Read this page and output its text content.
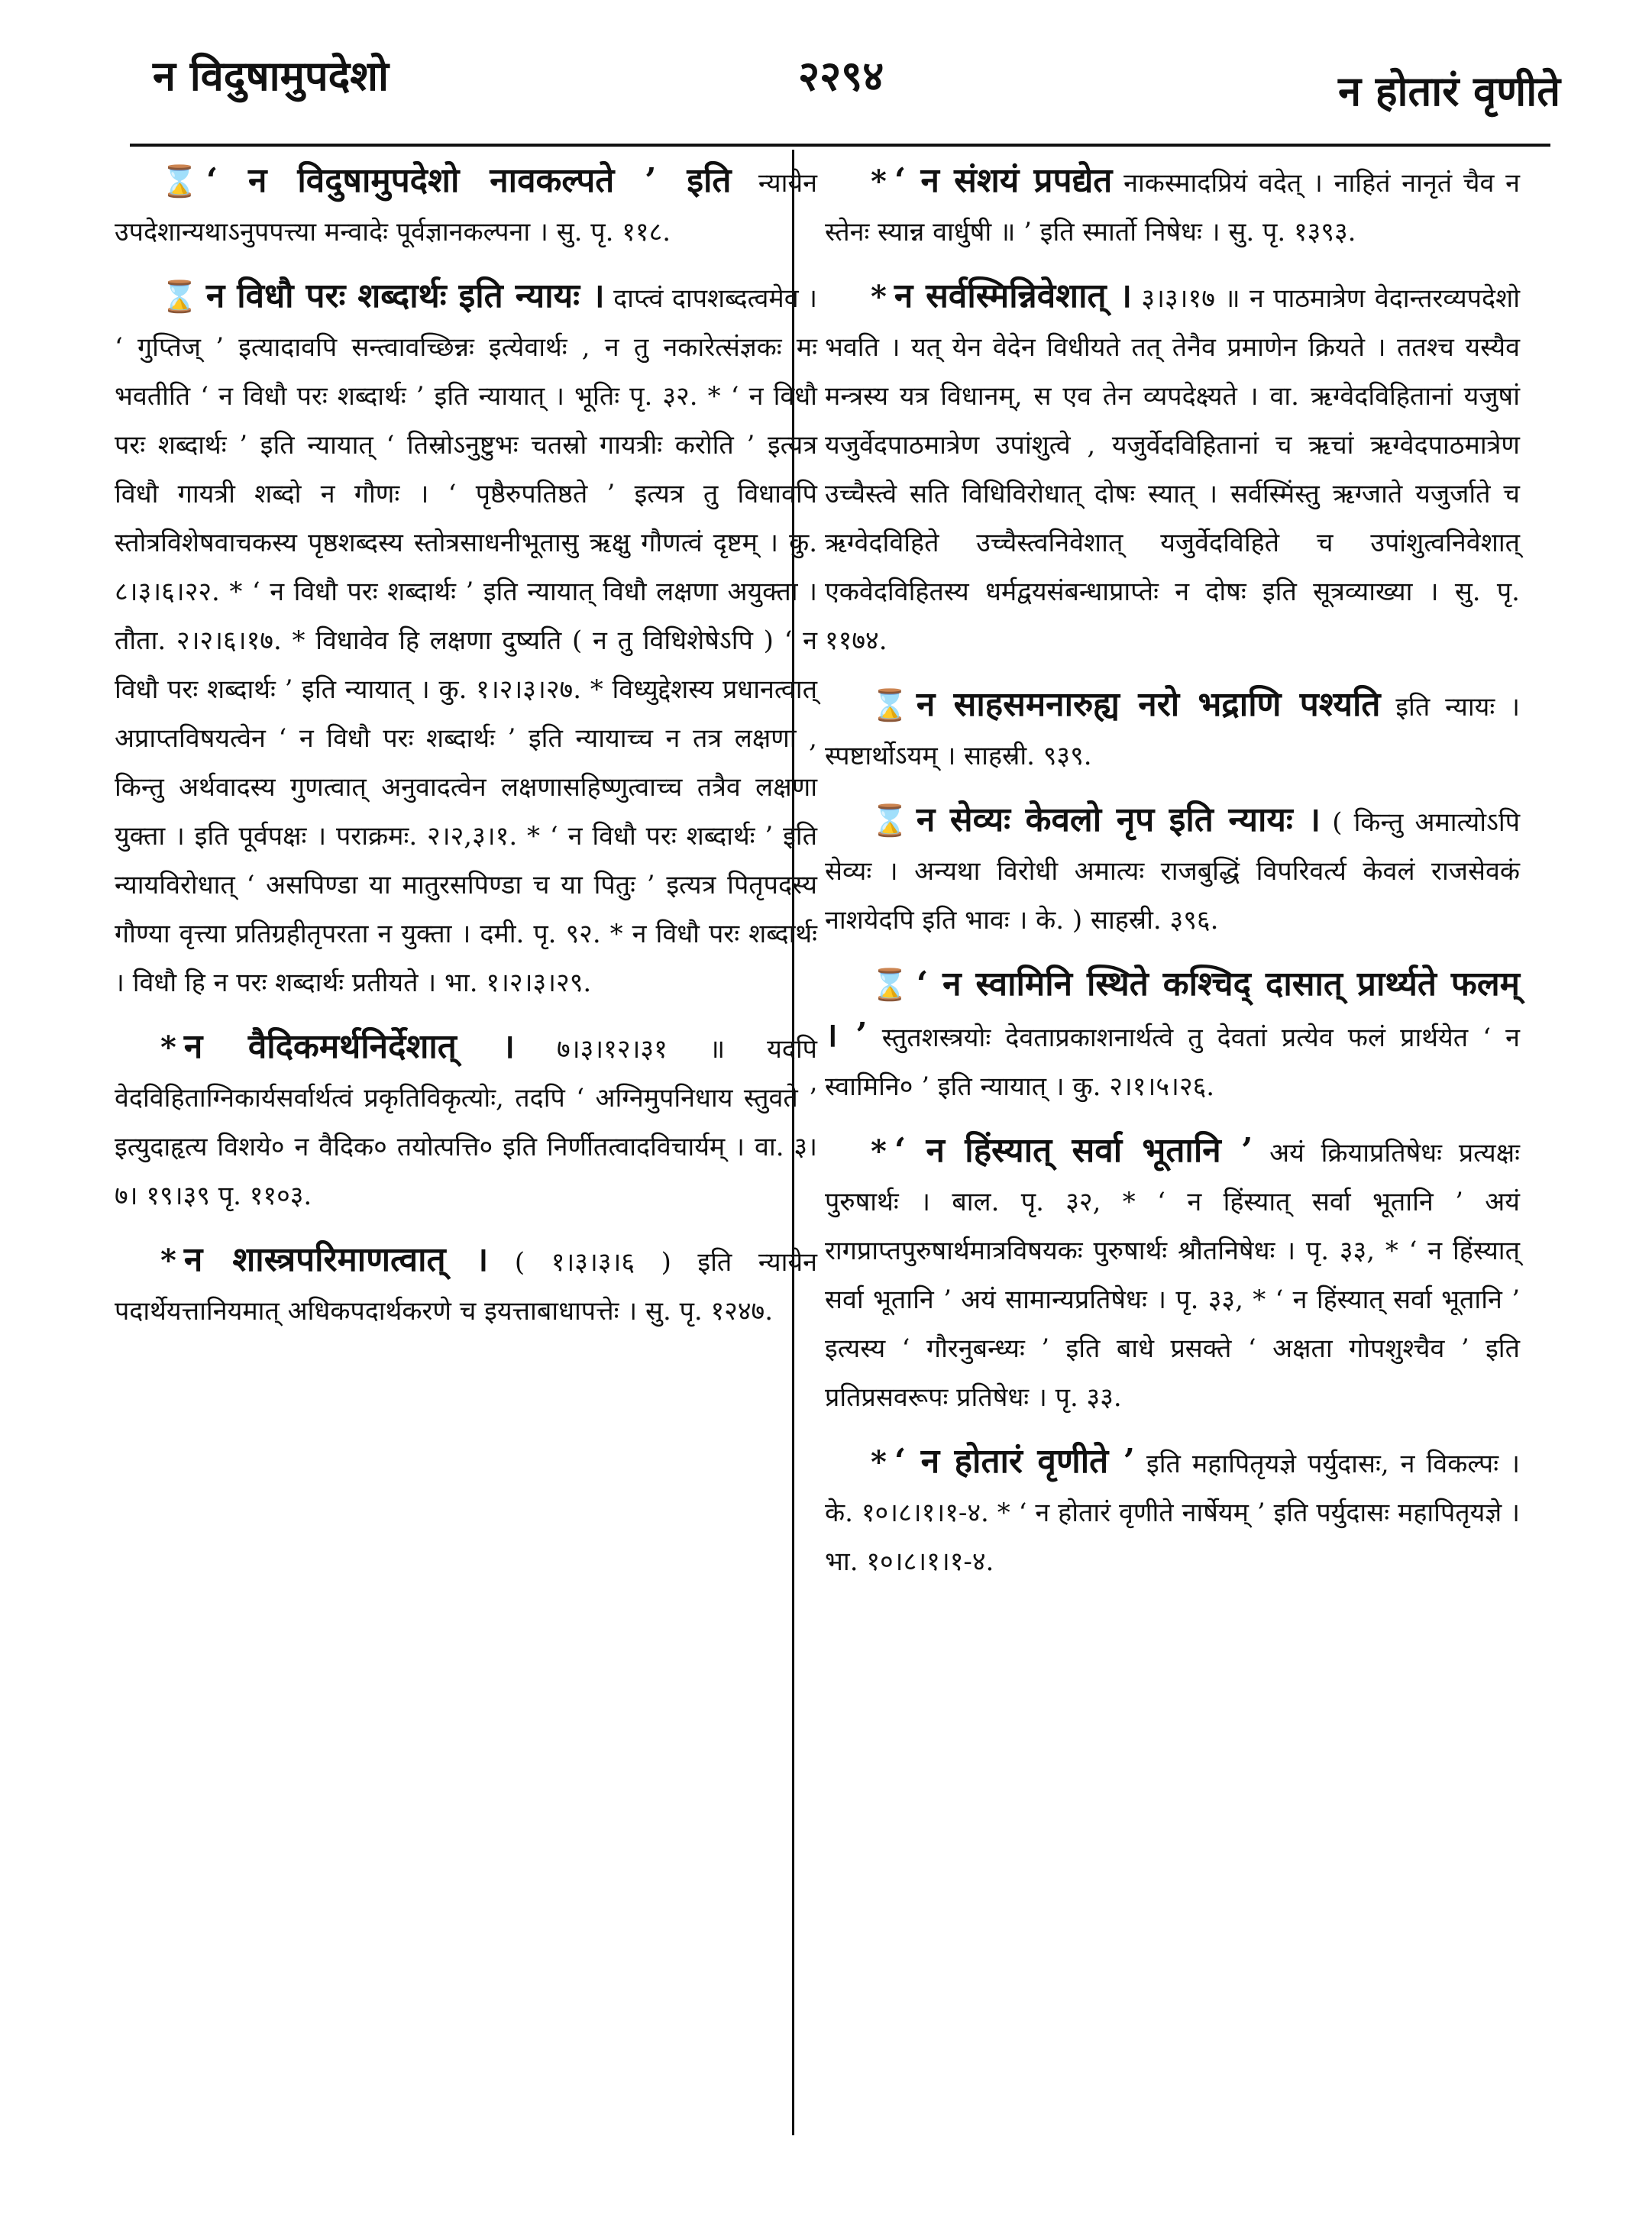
न विदुषामुपदेशो	२२९४	न होतारं वृणीते

⌛ ‘ न विदुषामुपदेशो नावकल्पते ’ इति न्यायेन उपदेशान्यथाऽनुपपत्त्या मन्वादेः पूर्वज्ञानकल्पना । सु. पृ. ११८.

⌛ न विधौ परः शब्दार्थः इति न्यायः । दाप्त्वं दापशब्दत्वमेव । ‘ गुप्तिज् ’ इत्यादावपि सन्त्वावच्छिन्नः इत्येवार्थः , न तु नकारेत्संज्ञकः मः भवतीति ‘ न विधौ परः शब्दार्थः ’ इति न्यायात् । भूतिः पृ. ३२. * ‘ न विधौ परः शब्दार्थः ’ इति न्यायात् ‘ तिस्रोऽनुष्टुभः चतस्रो गायत्रीः करोति ’ इत्यत्र विधौ गायत्री शब्दो न गौणः । ‘ पृष्ठैरुपतिष्ठते ’ इत्यत्र तु विधावपि स्तोत्रविशेषवाचकस्य पृष्ठशब्दस्य स्तोत्रसाधनीभूतासु ऋक्षु गौणत्वं दृष्टम् । कु. ८।३।६।२२. * ‘ न विधौ परः शब्दार्थः ’ इति न्यायात् विधौ लक्षणा अयुक्ता । तौता. २।२।६।१७. * विधावेव हि लक्षणा दुष्यति ( न तु विधिशेषेऽपि ) ‘ न विधौ परः शब्दार्थः ’ इति न्यायात् । कु. १।२।३।२७. * विध्युद्देशस्य प्रधानत्वात् अप्राप्तविषयत्वेन ‘ न विधौ परः शब्दार्थः ’ इति न्यायाच्च न तत्र लक्षणा , किन्तु अर्थवादस्य गुणत्वात् अनुवादत्वेन लक्षणासहिष्णुत्वाच्च तत्रैव लक्षणा युक्ता । इति पूर्वपक्षः । पराक्रमः. २।२,३।१. * ‘ न विधौ परः शब्दार्थः ’ इति न्यायविरोधात् ‘ असपिण्डा या मातुरसपिण्डा च या पितुः ’ इत्यत्र पितृपदस्य गौण्या वृत्त्या प्रतिग्रहीतृपरता न युक्ता । दमी. पृ. ९२. * न विधौ परः शब्दार्थः । विधौ हि न परः शब्दार्थः प्रतीयते । भा. १।२।३।२९.

* न वैदिकमर्थनिर्देशात् । ७।३।१२।३१ ॥ यदपि वेदविहिताग्निकार्यसर्वार्थत्वं प्रकृतिविकृत्योः, तदपि ‘ अग्निमुपनिधाय स्तुवते ’ इत्युदाहृत्य विशये० न वैदिक० तयोत्पत्ति० इति निर्णीतत्वादविचार्यम् । वा. ३।७। १९।३९ पृ. ११०३.

* न शास्त्रपरिमाणत्वात् । ( १।३।३।६ ) इति न्यायेन पदार्थेयत्तानियमात् अधिकपदार्थकरणे च इयत्ताबाधापत्तेः । सु. पृ. १२४७.

* ‘ न संशयं प्रपद्येत नाकस्मादप्रियं वदेत् । नाहितं नानृतं चैव न स्तेनः स्यान्न वार्धुषी ॥ ’ इति स्मार्तो निषेधः । सु. पृ. १३९३.

* न सर्वस्मिन्निवेशात् । ३।३।१७ ॥ न पाठमात्रेण वेदान्तरव्यपदेशो भवति । यत् येन वेदेन विधीयते तत् तेनैव प्रमाणेन क्रियते । ततश्च यस्यैव मन्त्रस्य यत्र विधानम्, स एव तेन व्यपदेक्ष्यते । वा. ऋग्वेदविहितानां यजुषां यजुर्वेदपाठमात्रेण उपांशुत्वे , यजुर्वेदविहितानां च ऋचां ऋग्वेदपाठमात्रेण उच्चैस्त्वे सति विधिविरोधात् दोषः स्यात् । सर्वस्मिंस्तु ऋग्जाते यजुर्जाते च ऋग्वेदविहिते उच्चैस्त्वनिवेशात् यजुर्वेदविहिते च उपांशुत्वनिवेशात् एकवेदविहितस्य धर्मद्वयसंबन्धाप्राप्तेः न दोषः इति सूत्रव्याख्या । सु. पृ. ११७४.

⌛ न साहसमनारुह्य नरो भद्राणि पश्यति इति न्यायः । स्पष्टार्थोऽयम् । साहस्री. ९३९.

⌛ न सेव्यः केवलो नृप इति न्यायः । ( किन्तु अमात्योऽपि सेव्यः । अन्यथा विरोधी अमात्यः राजबुद्धिं विपरिवर्त्य केवलं राजसेवकं नाशयेदपि इति भावः । के. ) साहस्री. ३९६.

⌛ ‘ न स्वामिनि स्थिते कश्चिद् दासात् प्रार्थ्यते फलम् । ’ स्तुतशस्त्रयोः देवताप्रकाशनार्थत्वे तु देवतां प्रत्येव फलं प्रार्थयेत ‘ न स्वामिनि० ’ इति न्यायात् । कु. २।१।५।२६.

* ‘ न हिंस्यात् सर्वा भूतानि ’ अयं क्रियाप्रतिषेधः प्रत्यक्षः पुरुषार्थः । बाल. पृ. ३२, * ‘ न हिंस्यात् सर्वा भूतानि ’ अयं रागप्राप्तपुरुषार्थमात्रविषयकः पुरुषार्थः श्रौतनिषेधः । पृ. ३३, * ‘ न हिंस्यात् सर्वा भूतानि ’ अयं सामान्यप्रतिषेधः । पृ. ३३, * ‘ न हिंस्यात् सर्वा भूतानि ’ इत्यस्य ‘ गौरनुबन्ध्यः ’ इति बाधे प्रसक्ते ‘ अक्षता गोपशुश्चैव ’ इति प्रतिप्रसवरूपः प्रतिषेधः । पृ. ३३.

* ‘ न होतारं वृणीते ’ इति महापितृयज्ञे पर्युदासः, न विकल्पः । के. १०।८।१।१-४. * ‘ न होतारं वृणीते नार्षेयम् ’ इति पर्युदासः महापितृयज्ञे । भा. १०।८।१।१-४.
